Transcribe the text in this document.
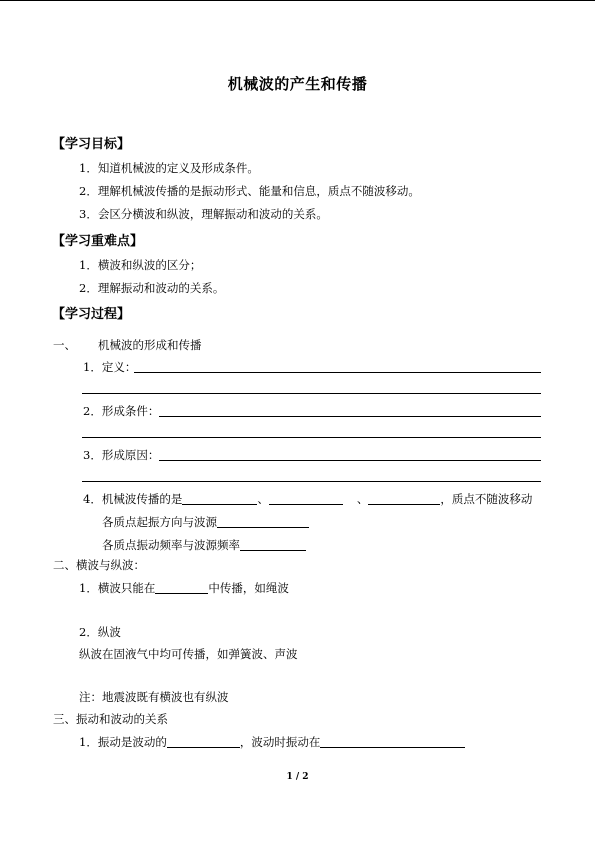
机械波的产生和传播
【学习目标】
1．知道机械波的定义及形成条件。
2．理解机械波传播的是振动形式、能量和信息，质点不随波移动。
3．会区分横波和纵波，理解振动和波动的关系。
【学习重难点】
1．横波和纵波的区分；
2．理解振动和波动的关系。
【学习过程】
一、 机械波的形成和传播
1．定义：
2．形成条件：
3．形成原因：
4．机械波传播的是	、	、	，质点不随波移动
各质点起振方向与波源
各质点振动频率与波源频率
二、横波与纵波：
1．横波只能在	中传播，如绳波
2．纵波
纵波在固液气中均可传播，如弹簧波、声波
注：地震波既有横波也有纵波
三、振动和波动的关系
1．振动是波动的	，波动时振动在
1 / 2
